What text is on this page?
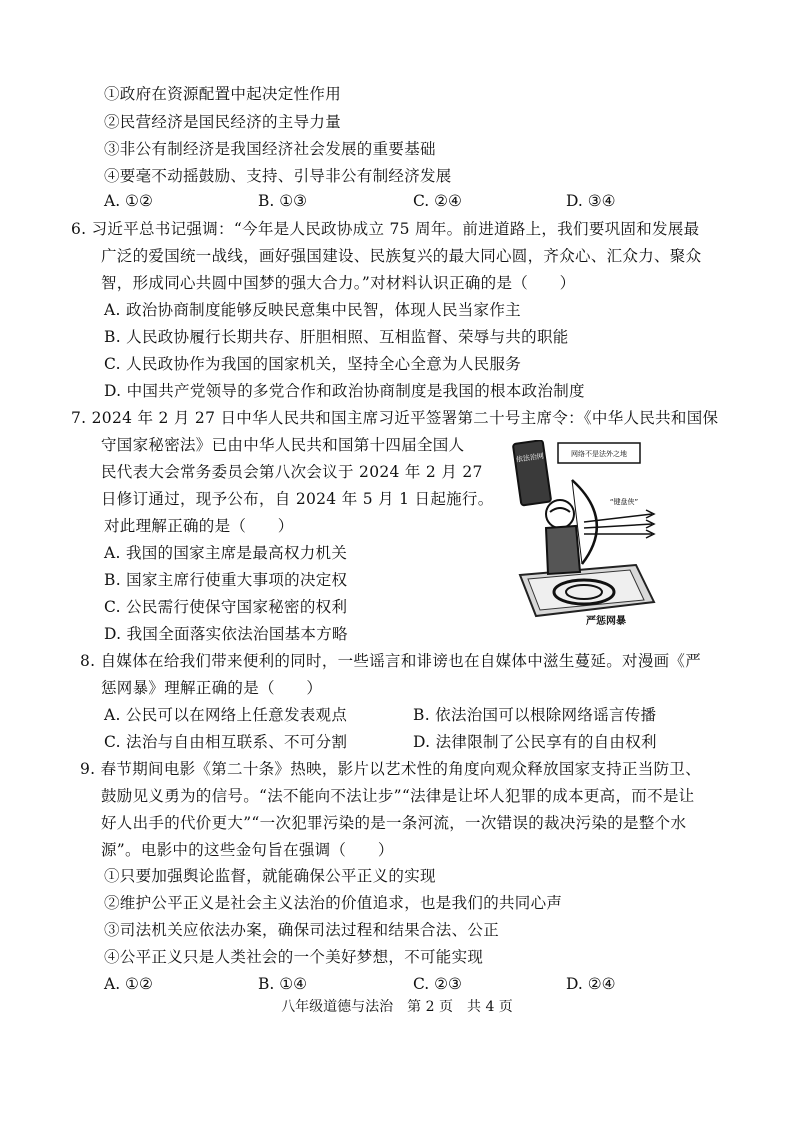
①政府在资源配置中起决定性作用
②民营经济是国民经济的主导力量
③非公有制经济是我国经济社会发展的重要基础
④要毫不动摇鼓励、支持、引导非公有制经济发展
A. ①②	B. ①③	C. ②④	D. ③④
6. 习近平总书记强调：“今年是人民政协成立 75 周年。前进道路上，我们要巩固和发展最
广泛的爱国统一战线，画好强国建设、民族复兴的最大同心圆，齐众心、汇众力、聚众
智，形成同心共圆中国梦的强大合力。”对材料认识正确的是（　　）
A. 政治协商制度能够反映民意集中民智，体现人民当家作主
B. 人民政协履行长期共存、肝胆相照、互相监督、荣辱与共的职能
C. 人民政协作为我国的国家机关，坚持全心全意为人民服务
D. 中国共产党领导的多党合作和政治协商制度是我国的根本政治制度
7. 2024 年 2 月 27 日中华人民共和国主席习近平签署第二十号主席令：《中华人民共和国保
守国家秘密法》已由中华人民共和国第十四届全国人
民代表大会常务委员会第八次会议于 2024 年 2 月 27
日修订通过，现予公布，自 2024 年 5 月 1 日起施行。
对此理解正确的是（　　）
A. 我国的国家主席是最高权力机关
B. 国家主席行使重大事项的决定权
C. 公民需行使保守国家秘密的权利
D. 我国全面落实依法治国基本方略
依法治网	网络不是法外之地
“键盘侠”
严惩网暴
8. 自媒体在给我们带来便利的同时，一些谣言和诽谤也在自媒体中滋生蔓延。对漫画《严
惩网暴》理解正确的是（　　）
A. 公民可以在网络上任意发表观点	B. 依法治国可以根除网络谣言传播
C. 法治与自由相互联系、不可分割	D. 法律限制了公民享有的自由权利
9. 春节期间电影《第二十条》热映，影片以艺术性的角度向观众释放国家支持正当防卫、
鼓励见义勇为的信号。“法不能向不法让步”“法律是让坏人犯罪的成本更高，而不是让
好人出手的代价更大”“一次犯罪污染的是一条河流，一次错误的裁决污染的是整个水
源”。电影中的这些金句旨在强调（　　）
①只要加强舆论监督，就能确保公平正义的实现
②维护公平正义是社会主义法治的价值追求，也是我们的共同心声
③司法机关应依法办案，确保司法过程和结果合法、公正
④公平正义只是人类社会的一个美好梦想，不可能实现
A. ①②	B. ①④	C. ②③	D. ②④
八年级道德与法治　第 2 页　共 4 页
